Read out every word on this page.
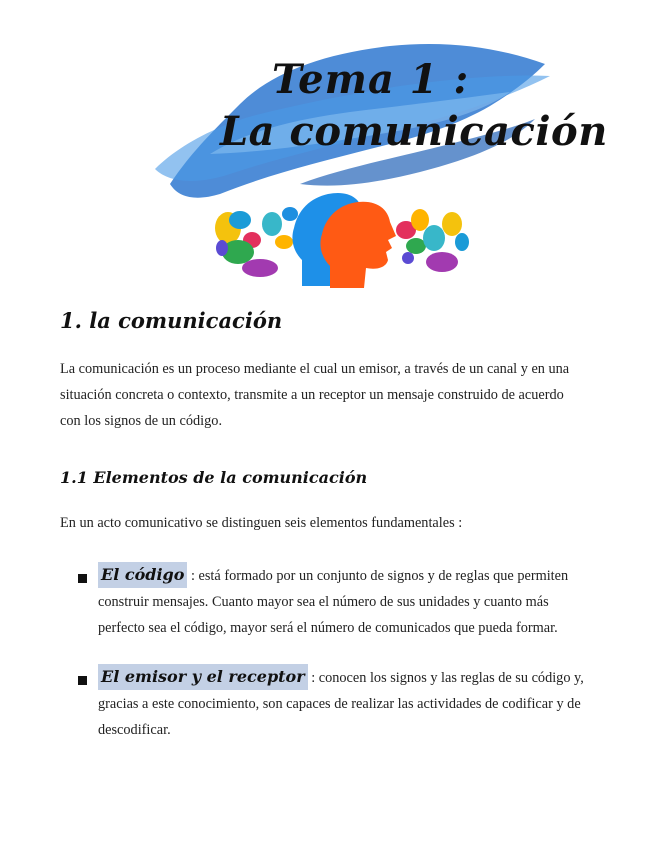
Tema 1 :
La comunicación
1. la comunicación

La comunicación es un proceso mediante el cual un emisor, a través de un canal y en una situación concreta o contexto, transmite a un receptor un mensaje construido de acuerdo con los signos de un código.

1.1 Elementos de la comunicación

En un acto comunicativo se distinguen seis elementos fundamentales :

El código : está formado por un conjunto de signos y de reglas que permiten construir mensajes. Cuanto mayor sea el número de sus unidades y cuanto más perfecto sea el código, mayor será el número de comunicados que pueda formar.
El emisor y el receptor : conocen los signos y las reglas de su código y, gracias a este conocimiento, son capaces de realizar las actividades de codificar y de descodificar.
